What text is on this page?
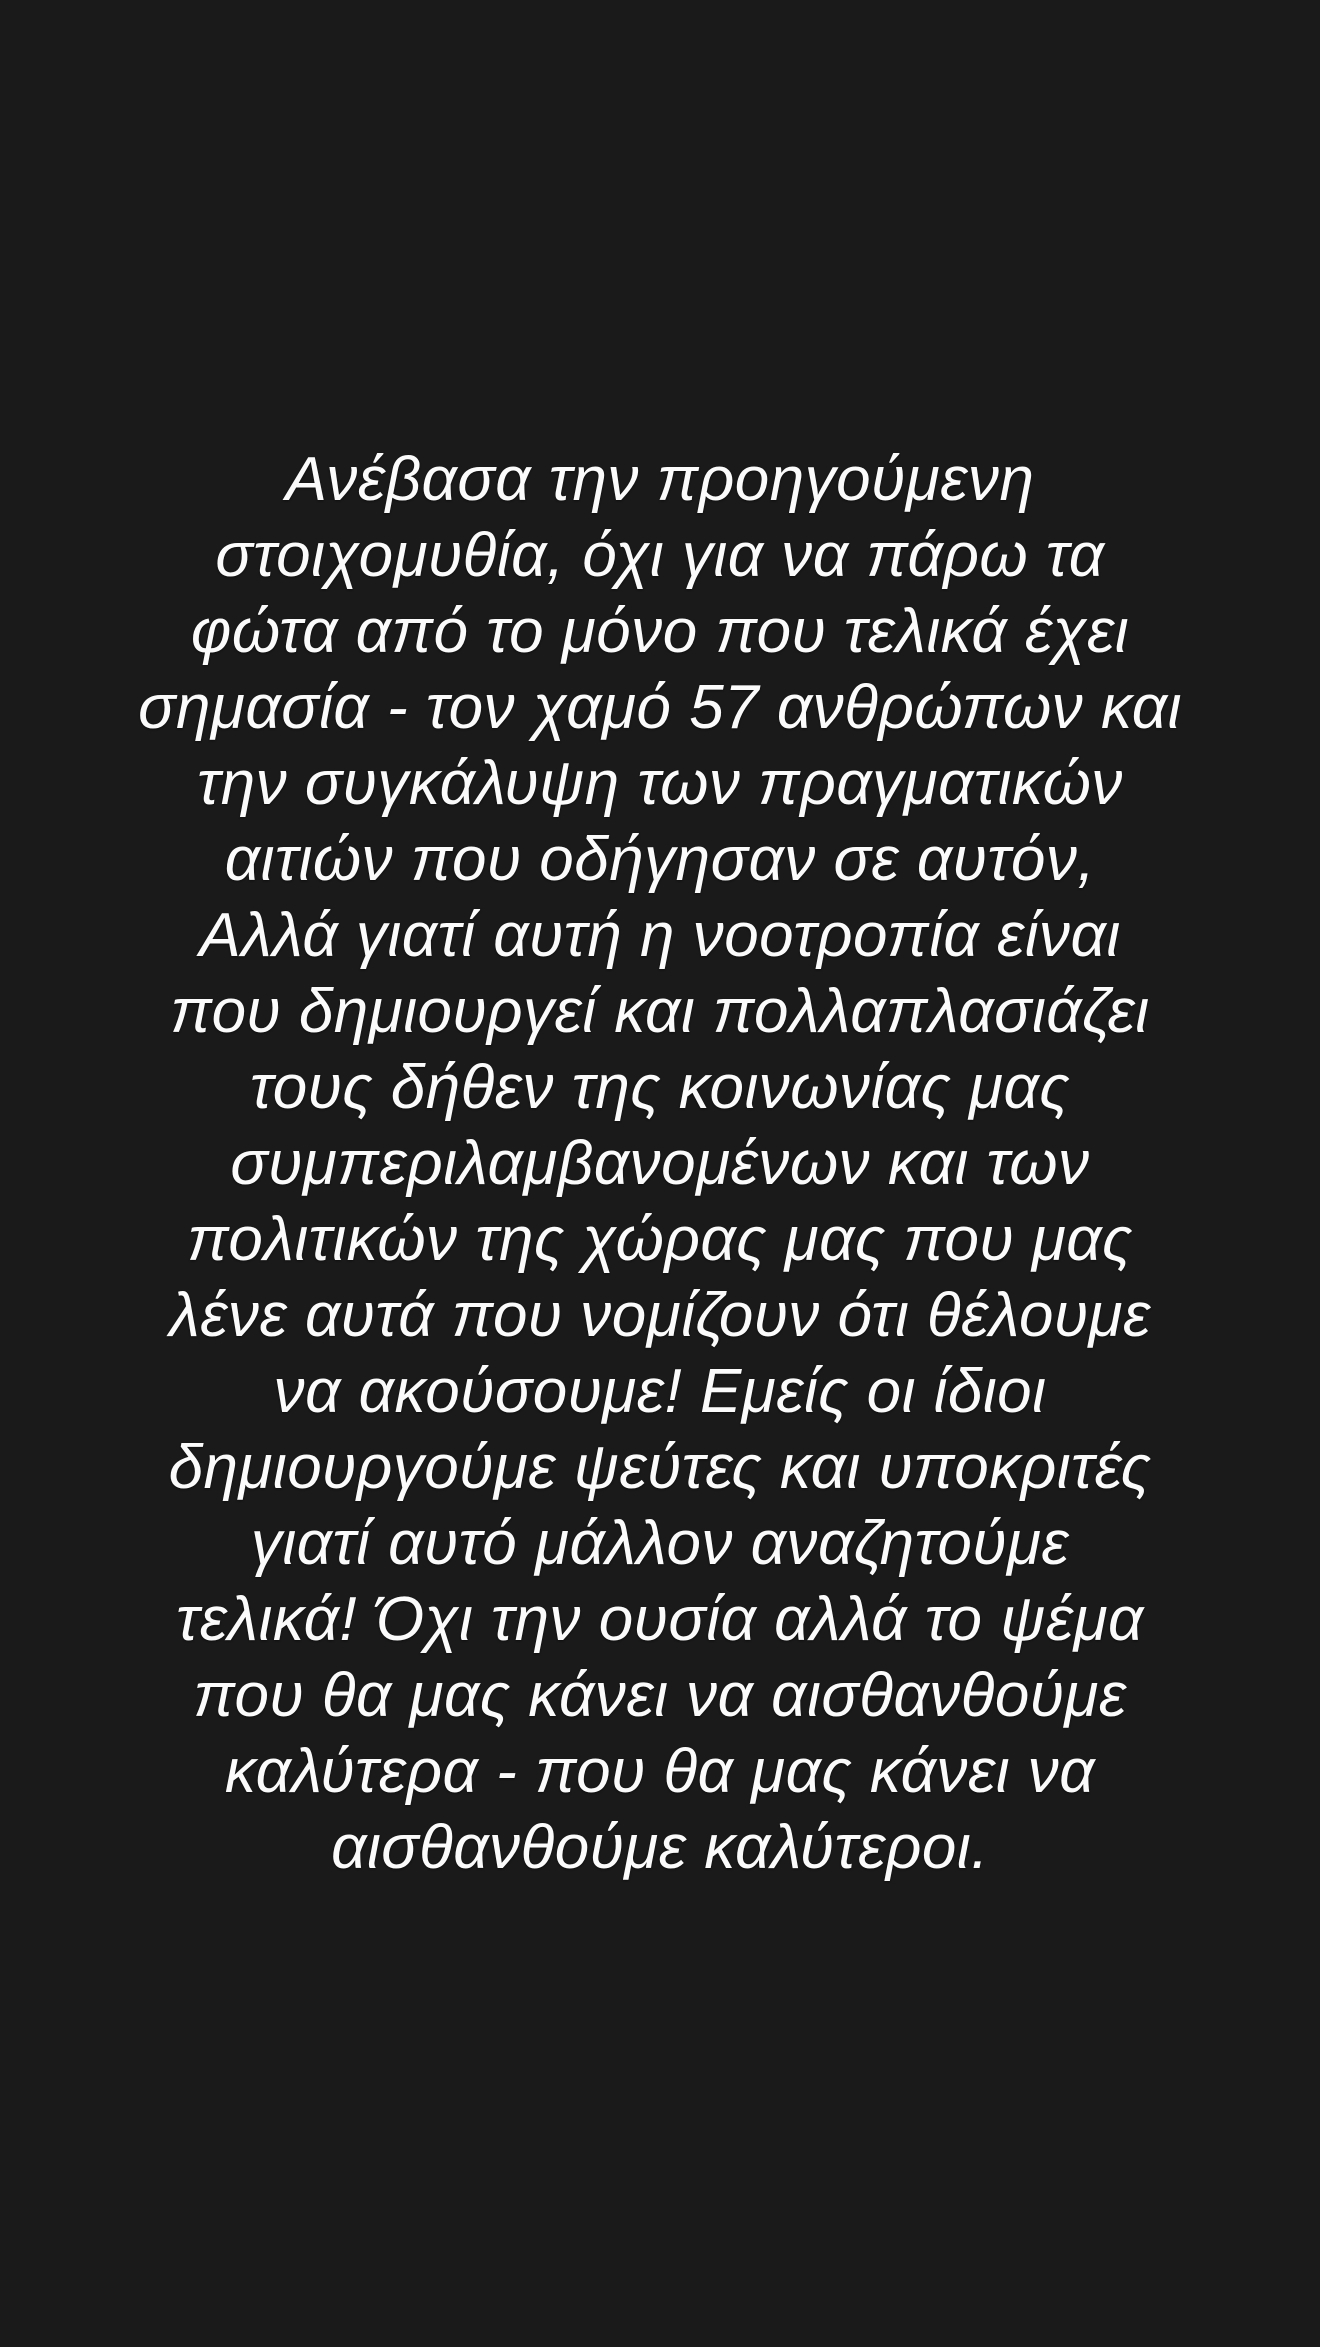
Ανέβασα την προηγούμενη
στοιχομυθία, όχι για να πάρω τα
φώτα από το μόνο που τελικά έχει
σημασία - τον χαμό 57 ανθρώπων και
την συγκάλυψη των πραγματικών
αιτιών που οδήγησαν σε αυτόν,
Αλλά γιατί αυτή η νοοτροπία είναι
που δημιουργεί και πολλαπλασιάζει
τους δήθεν της κοινωνίας μας
συμπεριλαμβανομένων και των
πολιτικών της χώρας μας που μας
λένε αυτά που νομίζουν ότι θέλουμε
να ακούσουμε! Εμείς οι ίδιοι
δημιουργούμε ψεύτες και υποκριτές
γιατί αυτό μάλλον αναζητούμε
τελικά! Όχι την ουσία αλλά το ψέμα
που θα μας κάνει να αισθανθούμε
καλύτερα - που θα μας κάνει να
αισθανθούμε καλύτεροι.
